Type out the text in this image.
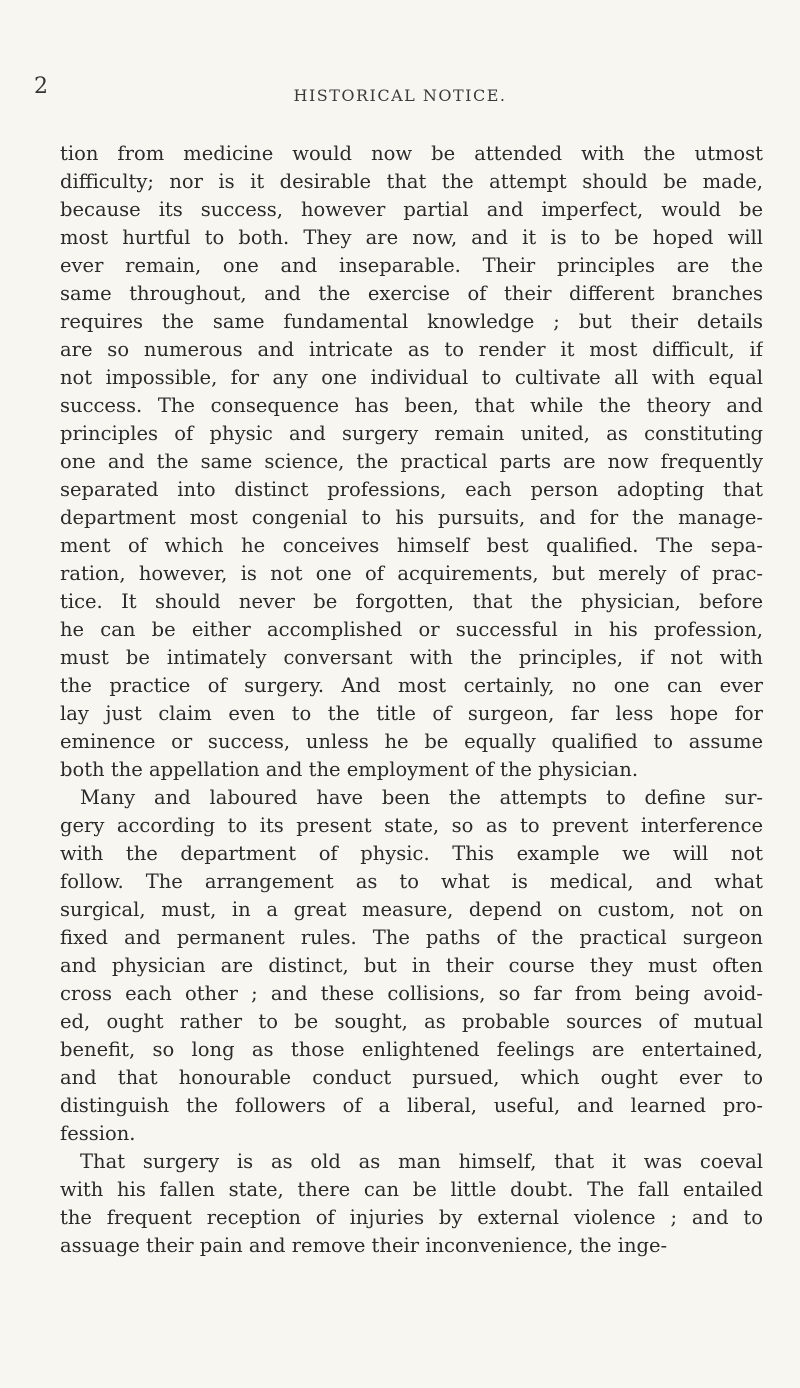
2	HISTORICAL NOTICE.
tion from medicine would now be attended with the utmost
difficulty; nor is it desirable that the attempt should be made,
because its success, however partial and imperfect, would be
most hurtful to both. They are now, and it is to be hoped will
ever remain, one and inseparable. Their principles are the
same throughout, and the exercise of their different branches
requires the same fundamental knowledge ; but their details
are so numerous and intricate as to render it most difficult, if
not impossible, for any one individual to cultivate all with equal
success. The consequence has been, that while the theory and
principles of physic and surgery remain united, as constituting
one and the same science, the practical parts are now frequently
separated into distinct professions, each person adopting that
department most congenial to his pursuits, and for the manage-
ment of which he conceives himself best qualified. The sepa-
ration, however, is not one of acquirements, but merely of prac-
tice. It should never be forgotten, that the physician, before
he can be either accomplished or successful in his profession,
must be intimately conversant with the principles, if not with
the practice of surgery. And most certainly, no one can ever
lay just claim even to the title of surgeon, far less hope for
eminence or success, unless he be equally qualified to assume
both the appellation and the employment of the physician.
Many and laboured have been the attempts to define sur-
gery according to its present state, so as to prevent interference
with the department of physic. This example we will not
follow. The arrangement as to what is medical, and what
surgical, must, in a great measure, depend on custom, not on
fixed and permanent rules. The paths of the practical surgeon
and physician are distinct, but in their course they must often
cross each other ; and these collisions, so far from being avoid-
ed, ought rather to be sought, as probable sources of mutual
benefit, so long as those enlightened feelings are entertained,
and that honourable conduct pursued, which ought ever to
distinguish the followers of a liberal, useful, and learned pro-
fession.
That surgery is as old as man himself, that it was coeval
with his fallen state, there can be little doubt. The fall entailed
the frequent reception of injuries by external violence ; and to
assuage their pain and remove their inconvenience, the inge-
